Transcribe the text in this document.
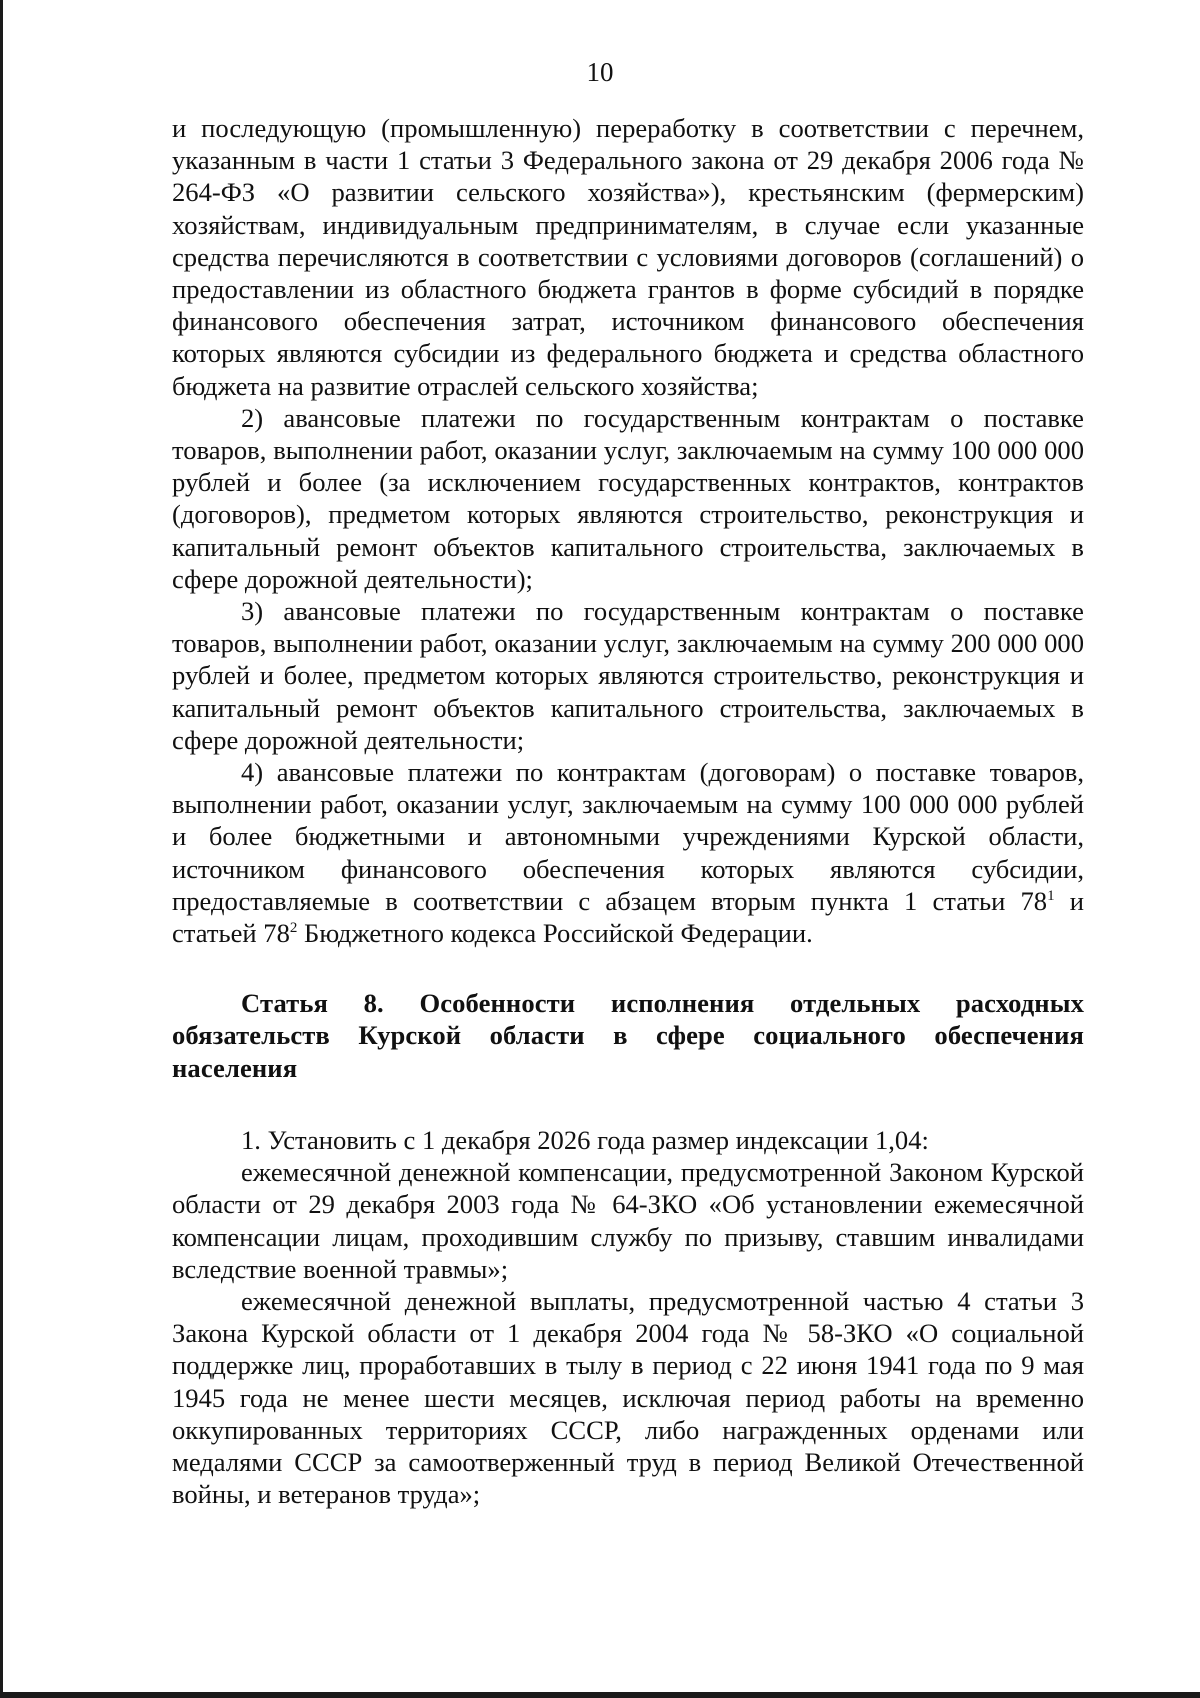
10

и последующую (промышленную) переработку в соответствии с перечнем, указанным в части 1 статьи 3 Федерального закона от 29 декабря 2006 года № 264-ФЗ «О развитии сельского хозяйства»), крестьянским (фермерским) хозяйствам, индивидуальным предпринимателям, в случае если указанные средства перечисляются в соответствии с условиями договоров (соглашений) о предоставлении из областного бюджета грантов в форме субсидий в порядке финансового обеспечения затрат, источником финансового обеспечения которых являются субсидии из федерального бюджета и средства областного бюджета на развитие отраслей сельского хозяйства;

2) авансовые платежи по государственным контрактам о поставке товаров, выполнении работ, оказании услуг, заключаемым на сумму 100 000 000 рублей и более (за исключением государственных контрактов, контрактов (договоров), предметом которых являются строительство, реконструкция и капитальный ремонт объектов капитального строительства, заключаемых в сфере дорожной деятельности);

3) авансовые платежи по государственным контрактам о поставке товаров, выполнении работ, оказании услуг, заключаемым на сумму 200 000 000 рублей и более, предметом которых являются строительство, реконструкция и капитальный ремонт объектов капитального строительства, заключаемых в сфере дорожной деятельности;

4) авансовые платежи по контрактам (договорам) о поставке товаров, выполнении работ, оказании услуг, заключаемым на сумму 100 000 000 рублей и более бюджетными и автономными учреждениями Курской области, источником финансового обеспечения которых являются субсидии, предоставляемые в соответствии с абзацем вторым пункта 1 статьи $78^1$ и статьей $78^2$ Бюджетного кодекса Российской Федерации.

Статья 8. Особенности исполнения отдельных расходных обязательств Курской области в сфере социального обеспечения населения

1. Установить с 1 декабря 2026 года размер индексации 1,04:

ежемесячной денежной компенсации, предусмотренной Законом Курской области от 29 декабря 2003 года № 64-ЗКО «Об установлении ежемесячной компенсации лицам, проходившим службу по призыву, ставшим инвалидами вследствие военной травмы»;

ежемесячной денежной выплаты, предусмотренной частью 4 статьи 3 Закона Курской области от 1 декабря 2004 года № 58-ЗКО «О социальной поддержке лиц, проработавших в тылу в период с 22 июня 1941 года по 9 мая 1945 года не менее шести месяцев, исключая период работы на временно оккупированных территориях СССР, либо награжденных орденами или медалями СССР за самоотверженный труд в период Великой Отечественной войны, и ветеранов труда»;
